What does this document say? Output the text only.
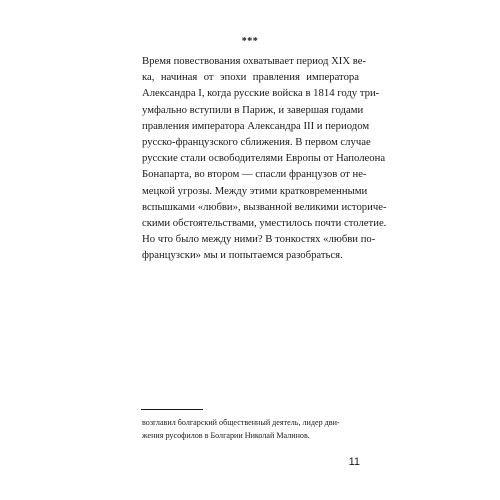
***
Время повествования охватывает период XIX ве-
ка, начиная от эпохи правления императора
Александра I, когда русские войска в 1814 году три-
умфально вступили в Париж, и завершая годами
правления императора Александра III и периодом
русско-французского сближения. В первом случае
русские стали освободителями Европы от Наполеона
Бонапарта, во втором — спасли французов от не-
мецкой угрозы. Между этими кратковременными
вспышками «любви», вызванной великими историче-
скими обстоятельствами, уместилось почти столетие.
Но что было между ними? В тонкостях «любви по-
французски» мы и попытаемся разобраться.
возглавил болгарский общественный деятель, лидер дви-
жения русофилов в Болгарии Николай Малинов.
11
